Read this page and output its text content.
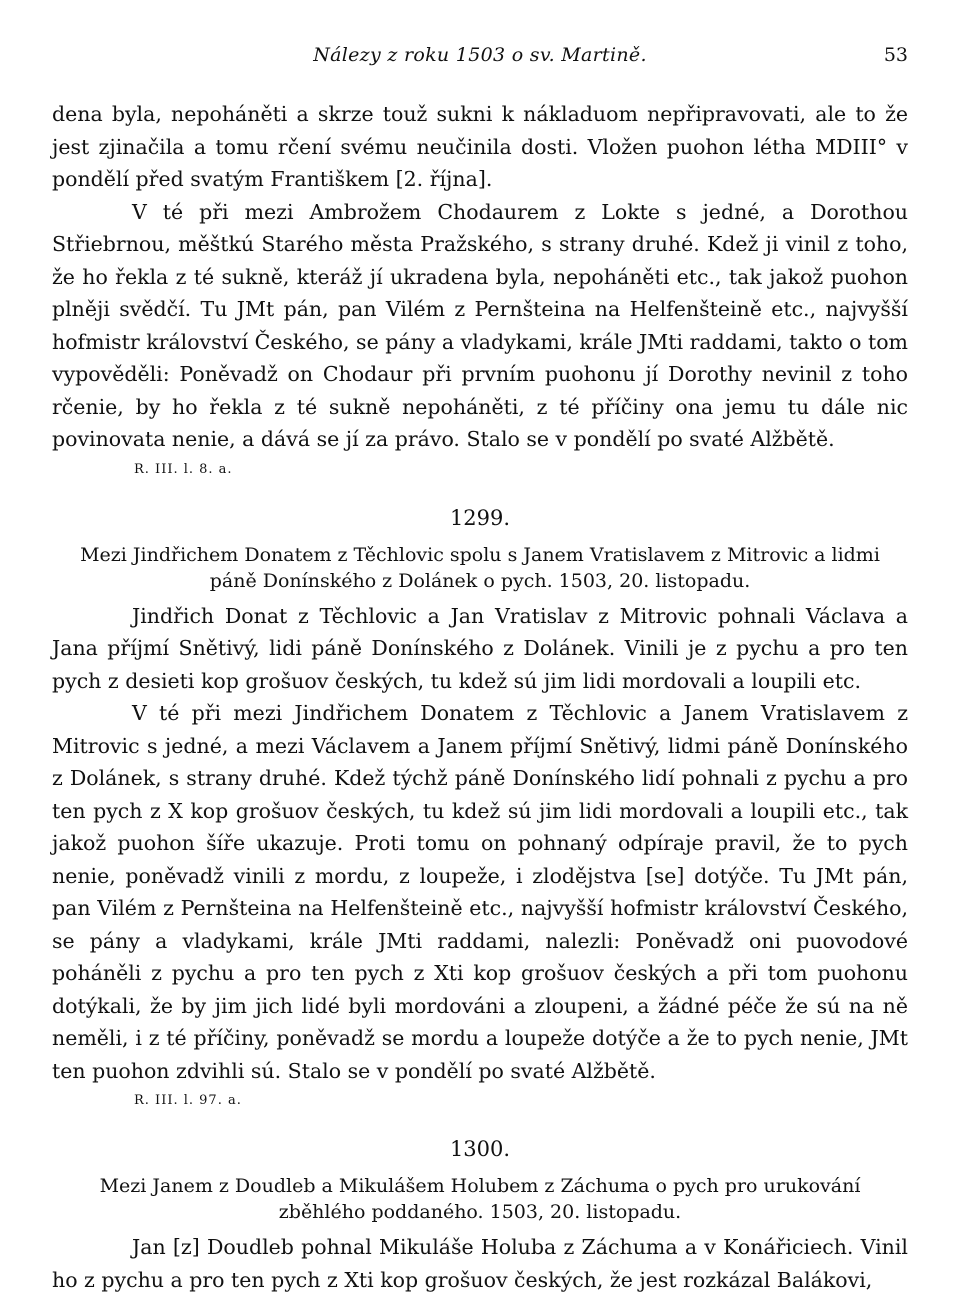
Nálezy z roku 1503 o sv. Martině.	53

dena byla, nepoháněti a skrze touž sukni k nákladuom nepřipravovati, ale to že jest zjinačila a tomu rčení svému neučinila dosti. Vložen puohon létha MDIII° v pondělí před svatým Františkem [2. října].

V té při mezi Ambrožem Chodaurem z Lokte s jedné, a Dorothou Střiebrnou, měštkú Starého města Pražského, s strany druhé. Kdež ji vinil z toho, že ho řekla z té sukně, kteráž jí ukradena byla, nepoháněti etc., tak jakož puohon plněji svědčí. Tu JMt pán, pan Vilém z Pernšteina na Helfenšteině etc., najvyšší hofmistr království Českého, se pány a vladykami, krále JMti raddami, takto o tom vypověděli: Poněvadž on Chodaur při prvním puohonu jí Dorothy nevinil z toho rčenie, by ho řekla z té sukně nepoháněti, z té příčiny ona jemu tu dále nic povinovata nenie, a dává se jí za právo. Stalo se v pondělí po svaté Alžbětě.

R. III. l. 8. a.
1299.
Mezi Jindřichem Donatem z Těchlovic spolu s Janem Vratislavem z Mitrovic a lidmi páně Donínského z Dolánek o pych. 1503, 20. listopadu.

Jindřich Donat z Těchlovic a Jan Vratislav z Mitrovic pohnali Václava a Jana příjmí Snětivý, lidi páně Donínského z Dolánek. Vinili je z pychu a pro ten pych z desieti kop grošuov českých, tu kdež sú jim lidi mordovali a loupili etc.

V té při mezi Jindřichem Donatem z Těchlovic a Janem Vratislavem z Mitrovic s jedné, a mezi Václavem a Janem příjmí Snětivý, lidmi páně Donínského z Dolánek, s strany druhé. Kdež týchž páně Donínského lidí pohnali z pychu a pro ten pych z X kop grošuov českých, tu kdež sú jim lidi mordovali a loupili etc., tak jakož puohon šíře ukazuje. Proti tomu on pohnaný odpíraje pravil, že to pych nenie, poněvadž vinili z mordu, z loupeže, i zlodějstva [se] dotýče. Tu JMt pán, pan Vilém z Pernšteina na Helfenšteině etc., najvyšší hofmistr království Českého, se pány a vladykami, krále JMti raddami, nalezli: Poněvadž oni puovodové poháněli z pychu a pro ten pych z Xti kop grošuov českých a při tom puohonu dotýkali, že by jim jich lidé byli mordováni a zloupeni, a žádné péče že sú na ně neměli, i z té příčiny, poněvadž se mordu a loupeže dotýče a že to pych nenie, JMt ten puohon zdvihli sú. Stalo se v pondělí po svaté Alžbětě.

R. III. l. 97. a.
1300.
Mezi Janem z Doudleb a Mikulášem Holubem z Záchuma o pych pro urukování zběhlého poddaného. 1503, 20. listopadu.

Jan [z] Doudleb pohnal Mikuláše Holuba z Záchuma a v Konářiciech. Vinil ho z pychu a pro ten pych z Xti kop grošuov českých, že jest rozkázal Balákovi,
